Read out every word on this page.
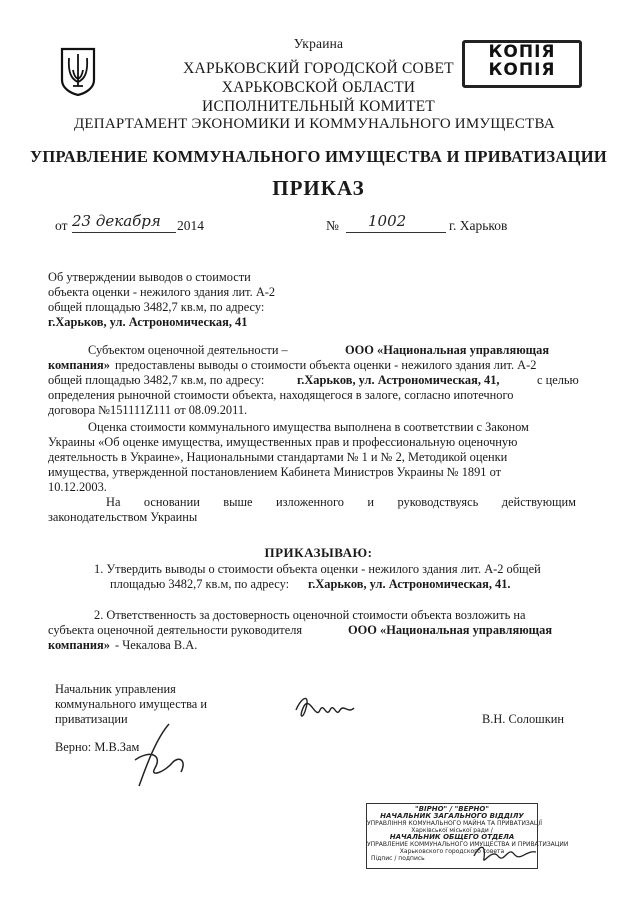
Украина
ХАРЬКОВСКИЙ ГОРОДСКОЙ СОВЕТ
ХАРЬКОВСКОЙ ОБЛАСТИ
ИСПОЛНИТЕЛЬНЫЙ КОМИТЕТ
ДЕПАРТАМЕНТ ЭКОНОМИКИ И КОММУНАЛЬНОГО ИМУЩЕСТВА
УПРАВЛЕНИЕ КОММУНАЛЬНОГО ИМУЩЕСТВА И ПРИВАТИЗАЦИИ
ПРИКАЗ
КОПІЯ
КОПІЯ
от 23 декабря 2014	№ 1002	г. Харьков
Об утверждении выводов о стоимости
объекта оценки - нежилого здания лит. А-2
общей площадью 3482,7 кв.м, по адресу:
г.Харьков, ул. Астрономическая, 41
Субъектом оценочной деятельности –	ООО «Национальная управляющая
компания» предоставлены выводы о стоимости объекта оценки - нежилого здания лит. А-2
общей площадью 3482,7 кв.м, по адресу:	г.Харьков, ул. Астрономическая, 41,	с целью
определения рыночной стоимости объекта, находящегося в залоге, согласно ипотечного
договора №151111Z111 от 08.09.2011.
Оценка стоимости коммунального имущества выполнена в соответствии с Законом
Украины «Об оценке имущества, имущественных прав и профессиональную оценочную
деятельность в Украине», Национальными стандартами № 1 и № 2, Методикой оценки
имущества, утвержденной постановлением Кабинета Министров Украины № 1891 от
10.12.2003.
На основании выше изложенного и руководствуясь действующим
законодательством Украины
ПРИКАЗЫВАЮ:
1. Утвердить выводы о стоимости объекта оценки - нежилого здания лит. А-2 общей
площадью 3482,7 кв.м, по адресу: г.Харьков, ул. Астрономическая, 41.
2. Ответственность за достоверность оценочной стоимости объекта возложить на
субъекта оценочной деятельности руководителя	ООО «Национальная управляющая
компания» - Чекалова В.А.
Начальник управления
коммунального имущества и
приватизации	В.Н. Солошкин
Верно: М.В.Зам
"ВІРНО" / "ВЕРНО"
НАЧАЛЬНИК ЗАГАЛЬНОГО ВІДДІЛУ
УПРАВЛІННЯ КОМУНАЛЬНОГО МАЙНА ТА ПРИВАТИЗАЦІЇ
Харківської міської ради /
НАЧАЛЬНИК ОБЩЕГО ОТДЕЛА
УПРАВЛЕНИЕ КОММУНАЛЬНОГО ИМУЩЕСТВА И ПРИВАТИЗАЦИИ
Харьковского городского совета
Підпис / подпись
